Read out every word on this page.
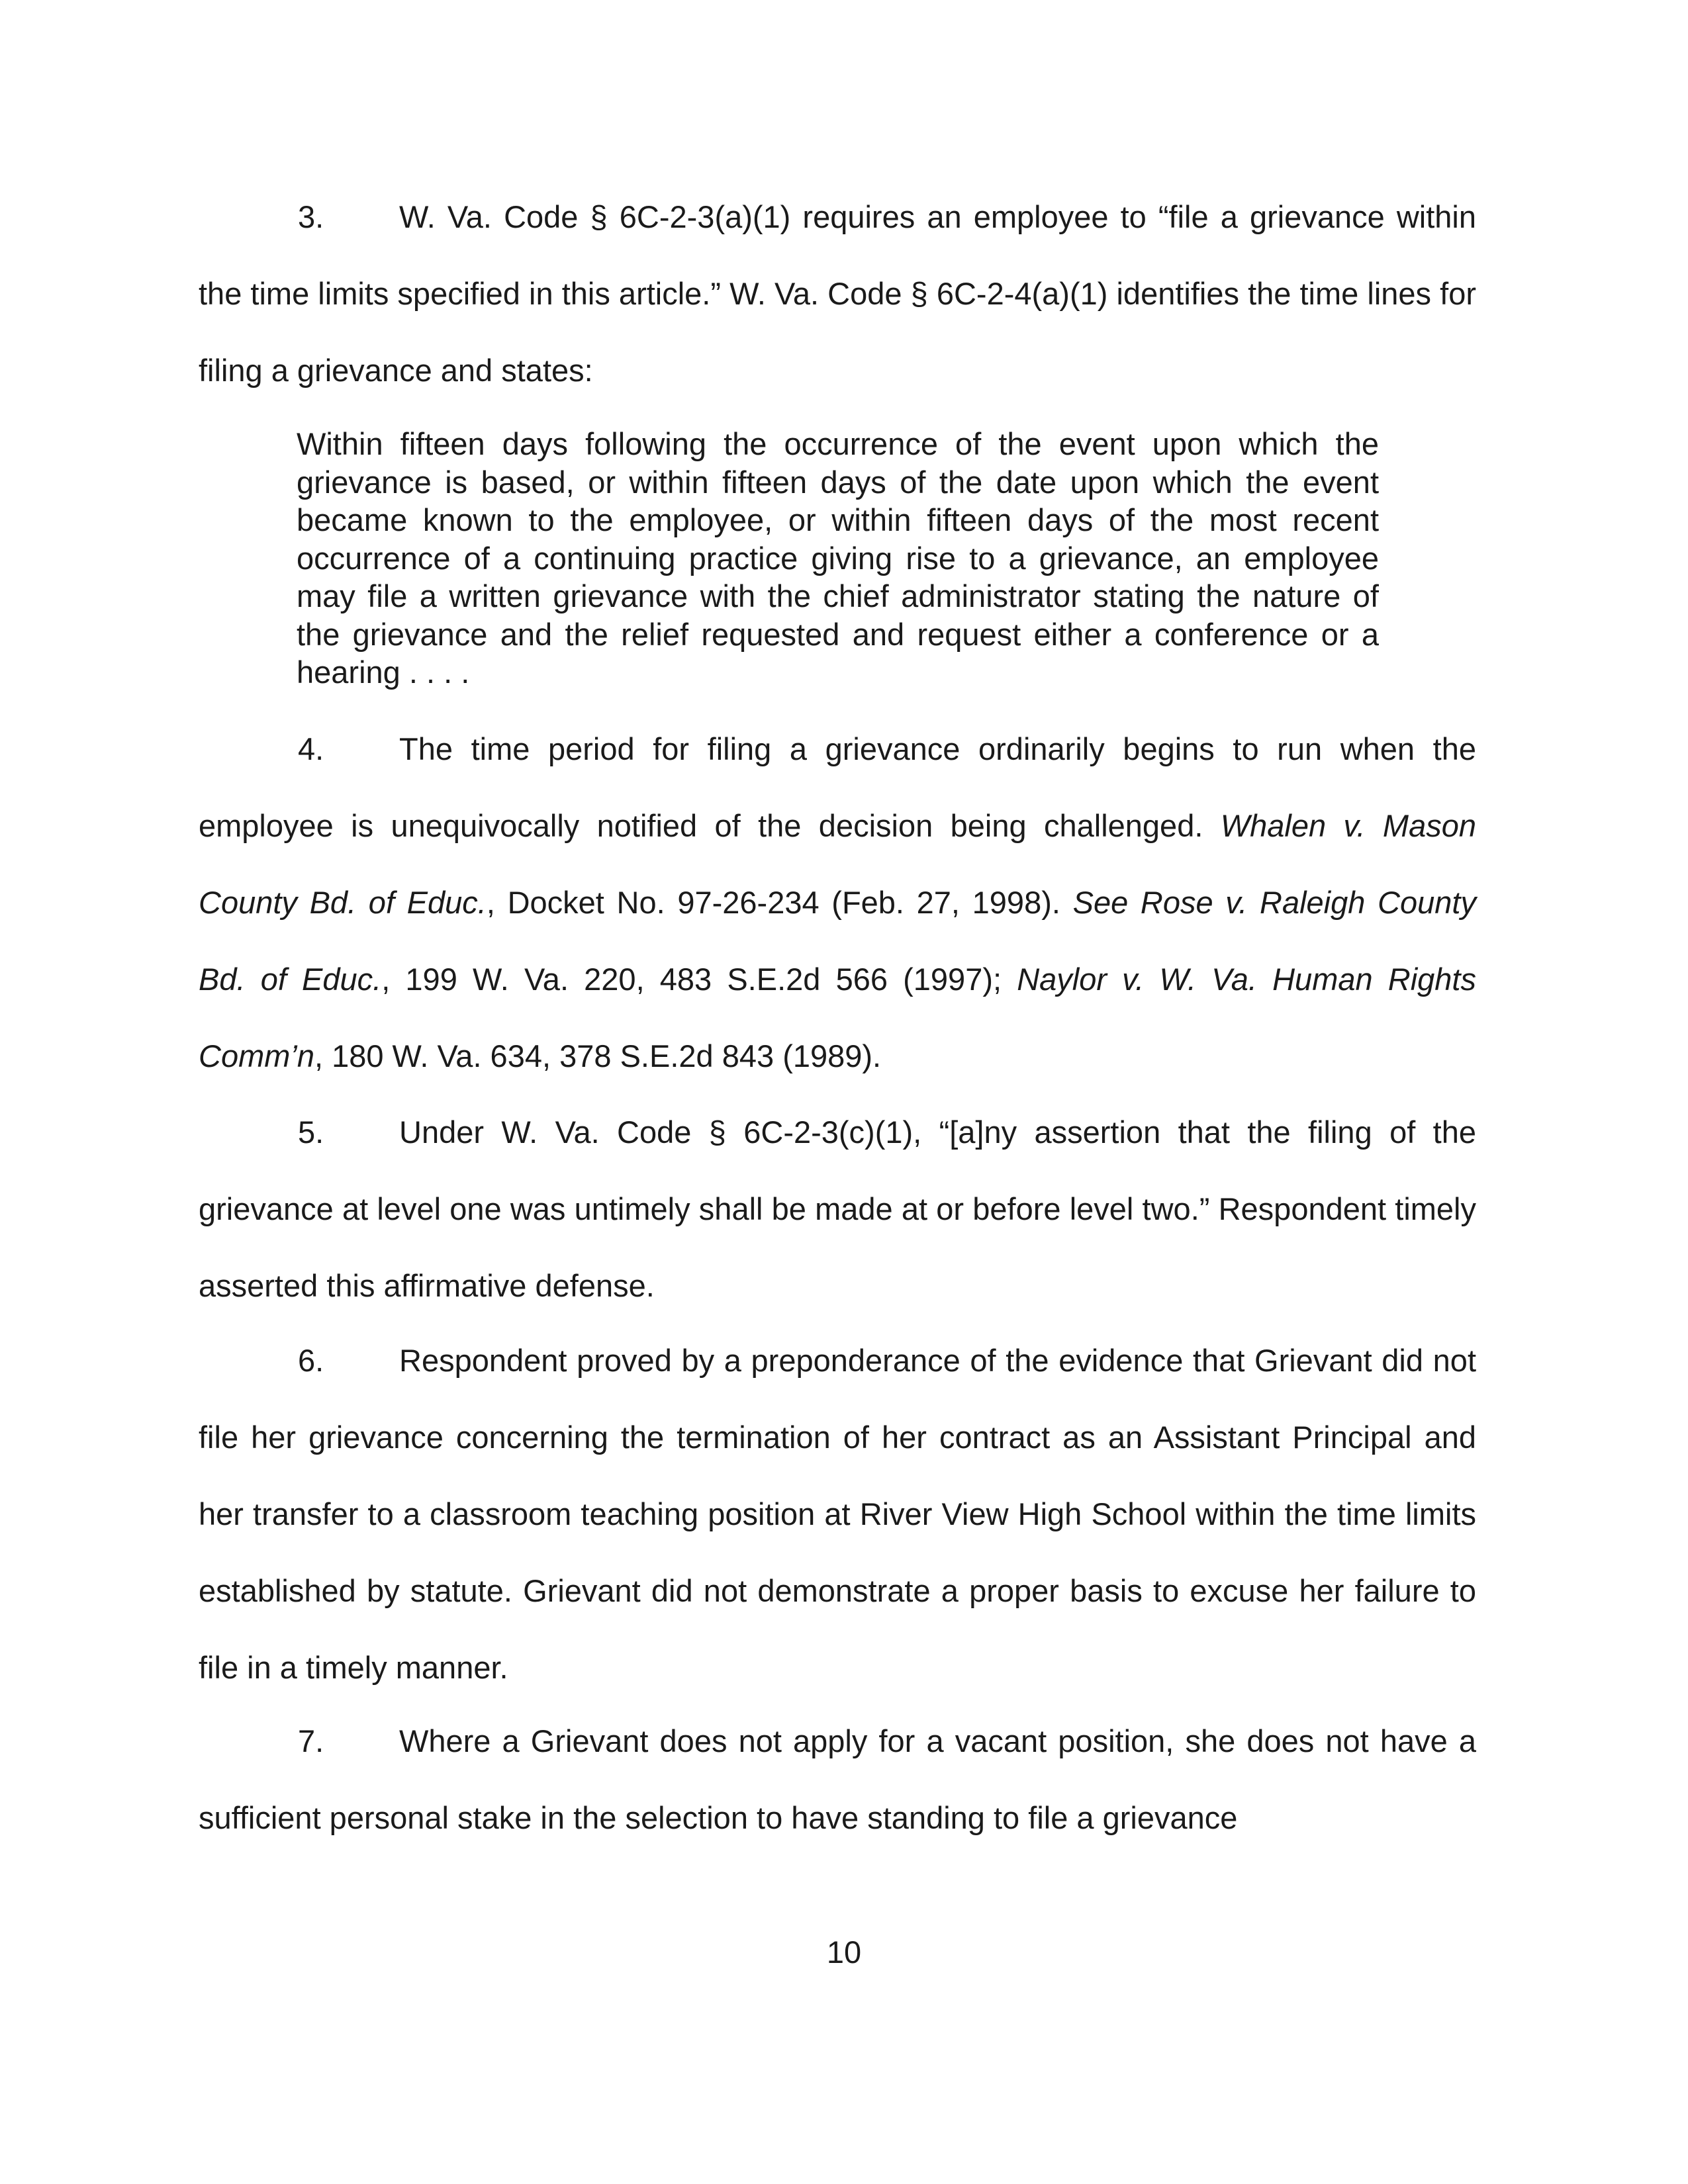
3. W. Va. Code § 6C-2-3(a)(1) requires an employee to “file a grievance within the time limits specified in this article.” W. Va. Code § 6C-2-4(a)(1) identifies the time lines for filing a grievance and states:

Within fifteen days following the occurrence of the event upon which the grievance is based, or within fifteen days of the date upon which the event became known to the employee, or within fifteen days of the most recent occurrence of a continuing practice giving rise to a grievance, an employee may file a written grievance with the chief administrator stating the nature of the grievance and the relief requested and request either a conference or a hearing . . . .

4. The time period for filing a grievance ordinarily begins to run when the employee is unequivocally notified of the decision being challenged. Whalen v. Mason County Bd. of Educ., Docket No. 97-26-234 (Feb. 27, 1998). See Rose v. Raleigh County Bd. of Educ., 199 W. Va. 220, 483 S.E.2d 566 (1997); Naylor v. W. Va. Human Rights Comm’n, 180 W. Va. 634, 378 S.E.2d 843 (1989).

5. Under W. Va. Code § 6C-2-3(c)(1), “[a]ny assertion that the filing of the grievance at level one was untimely shall be made at or before level two.” Respondent timely asserted this affirmative defense.

6. Respondent proved by a preponderance of the evidence that Grievant did not file her grievance concerning the termination of her contract as an Assistant Principal and her transfer to a classroom teaching position at River View High School within the time limits established by statute. Grievant did not demonstrate a proper basis to excuse her failure to file in a timely manner.

7. Where a Grievant does not apply for a vacant position, she does not have a sufficient personal stake in the selection to have standing to file a grievance

10
